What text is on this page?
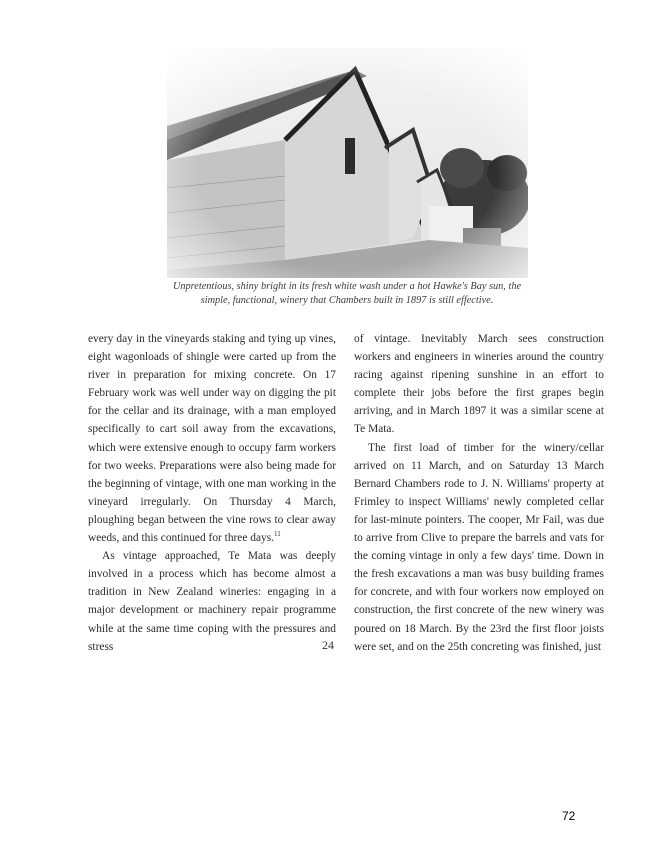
Unpretentious, shiny bright in its fresh white wash under a hot Hawke's Bay sun, the
simple, functional, winery that Chambers built in 1897 is still effective.

every day in the vineyards staking and tying up vines, eight wagonloads of shingle were carted up from the river in preparation for mixing concrete. On 17 February work was well under way on digging the pit for the cellar and its drainage, with a man employed specifically to cart soil away from the excavations, which were extensive enough to occupy farm workers for two weeks. Preparations were also being made for the beginning of vintage, with one man working in the vineyard irregularly. On Thursday 4 March, ploughing began between the vine rows to clear away weeds, and this continued for three days.$^{11}$

As vintage approached, Te Mata was deeply involved in a process which has become almost a tradition in New Zealand wineries: engaging in a major development or machinery repair programme while at the same time coping with the pressures and stress

of vintage. Inevitably March sees construction workers and engineers in wineries around the country racing against ripening sunshine in an effort to complete their jobs before the first grapes begin arriving, and in March 1897 it was a similar scene at Te Mata.

The first load of timber for the winery/cellar arrived on 11 March, and on Saturday 13 March Bernard Chambers rode to J. N. Williams' property at Frimley to inspect Williams' newly completed cellar for last-minute pointers. The cooper, Mr Fail, was due to arrive from Clive to prepare the barrels and vats for the coming vintage in only a few days' time. Down in the fresh excavations a man was busy building frames for concrete, and with four workers now employed on construction, the first concrete of the new winery was poured on 18 March. By the 23rd the first floor joists were set, and on the 25th concreting was finished, just

24
72
